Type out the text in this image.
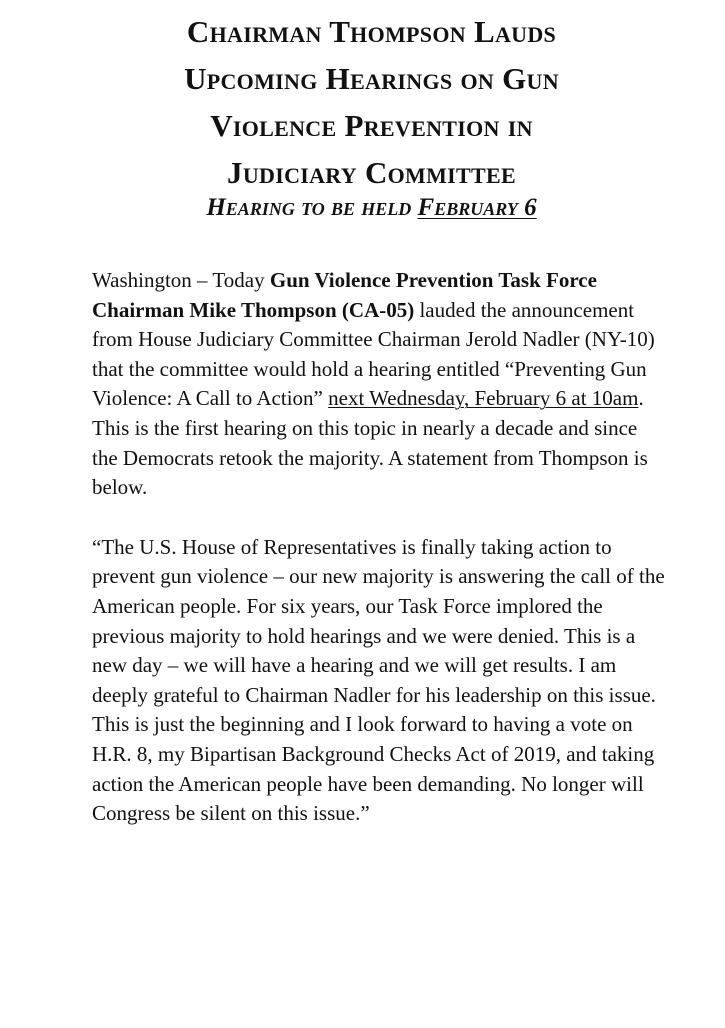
Chairman Thompson Lauds
Upcoming Hearings on Gun
Violence Prevention in
Judiciary Committee
Hearing to be held February 6

Washington – Today Gun Violence Prevention Task Force Chairman Mike Thompson (CA-05) lauded the announcement from House Judiciary Committee Chairman Jerold Nadler (NY-10) that the committee would hold a hearing entitled “Preventing Gun Violence: A Call to Action” next Wednesday, February 6 at 10am. This is the first hearing on this topic in nearly a decade and since the Democrats retook the majority. A statement from Thompson is below.

“The U.S. House of Representatives is finally taking action to prevent gun violence – our new majority is answering the call of the American people. For six years, our Task Force implored the previous majority to hold hearings and we were denied. This is a new day – we will have a hearing and we will get results. I am deeply grateful to Chairman Nadler for his leadership on this issue. This is just the beginning and I look forward to having a vote on H.R. 8, my Bipartisan Background Checks Act of 2019, and taking action the American people have been demanding. No longer will Congress be silent on this issue.”
